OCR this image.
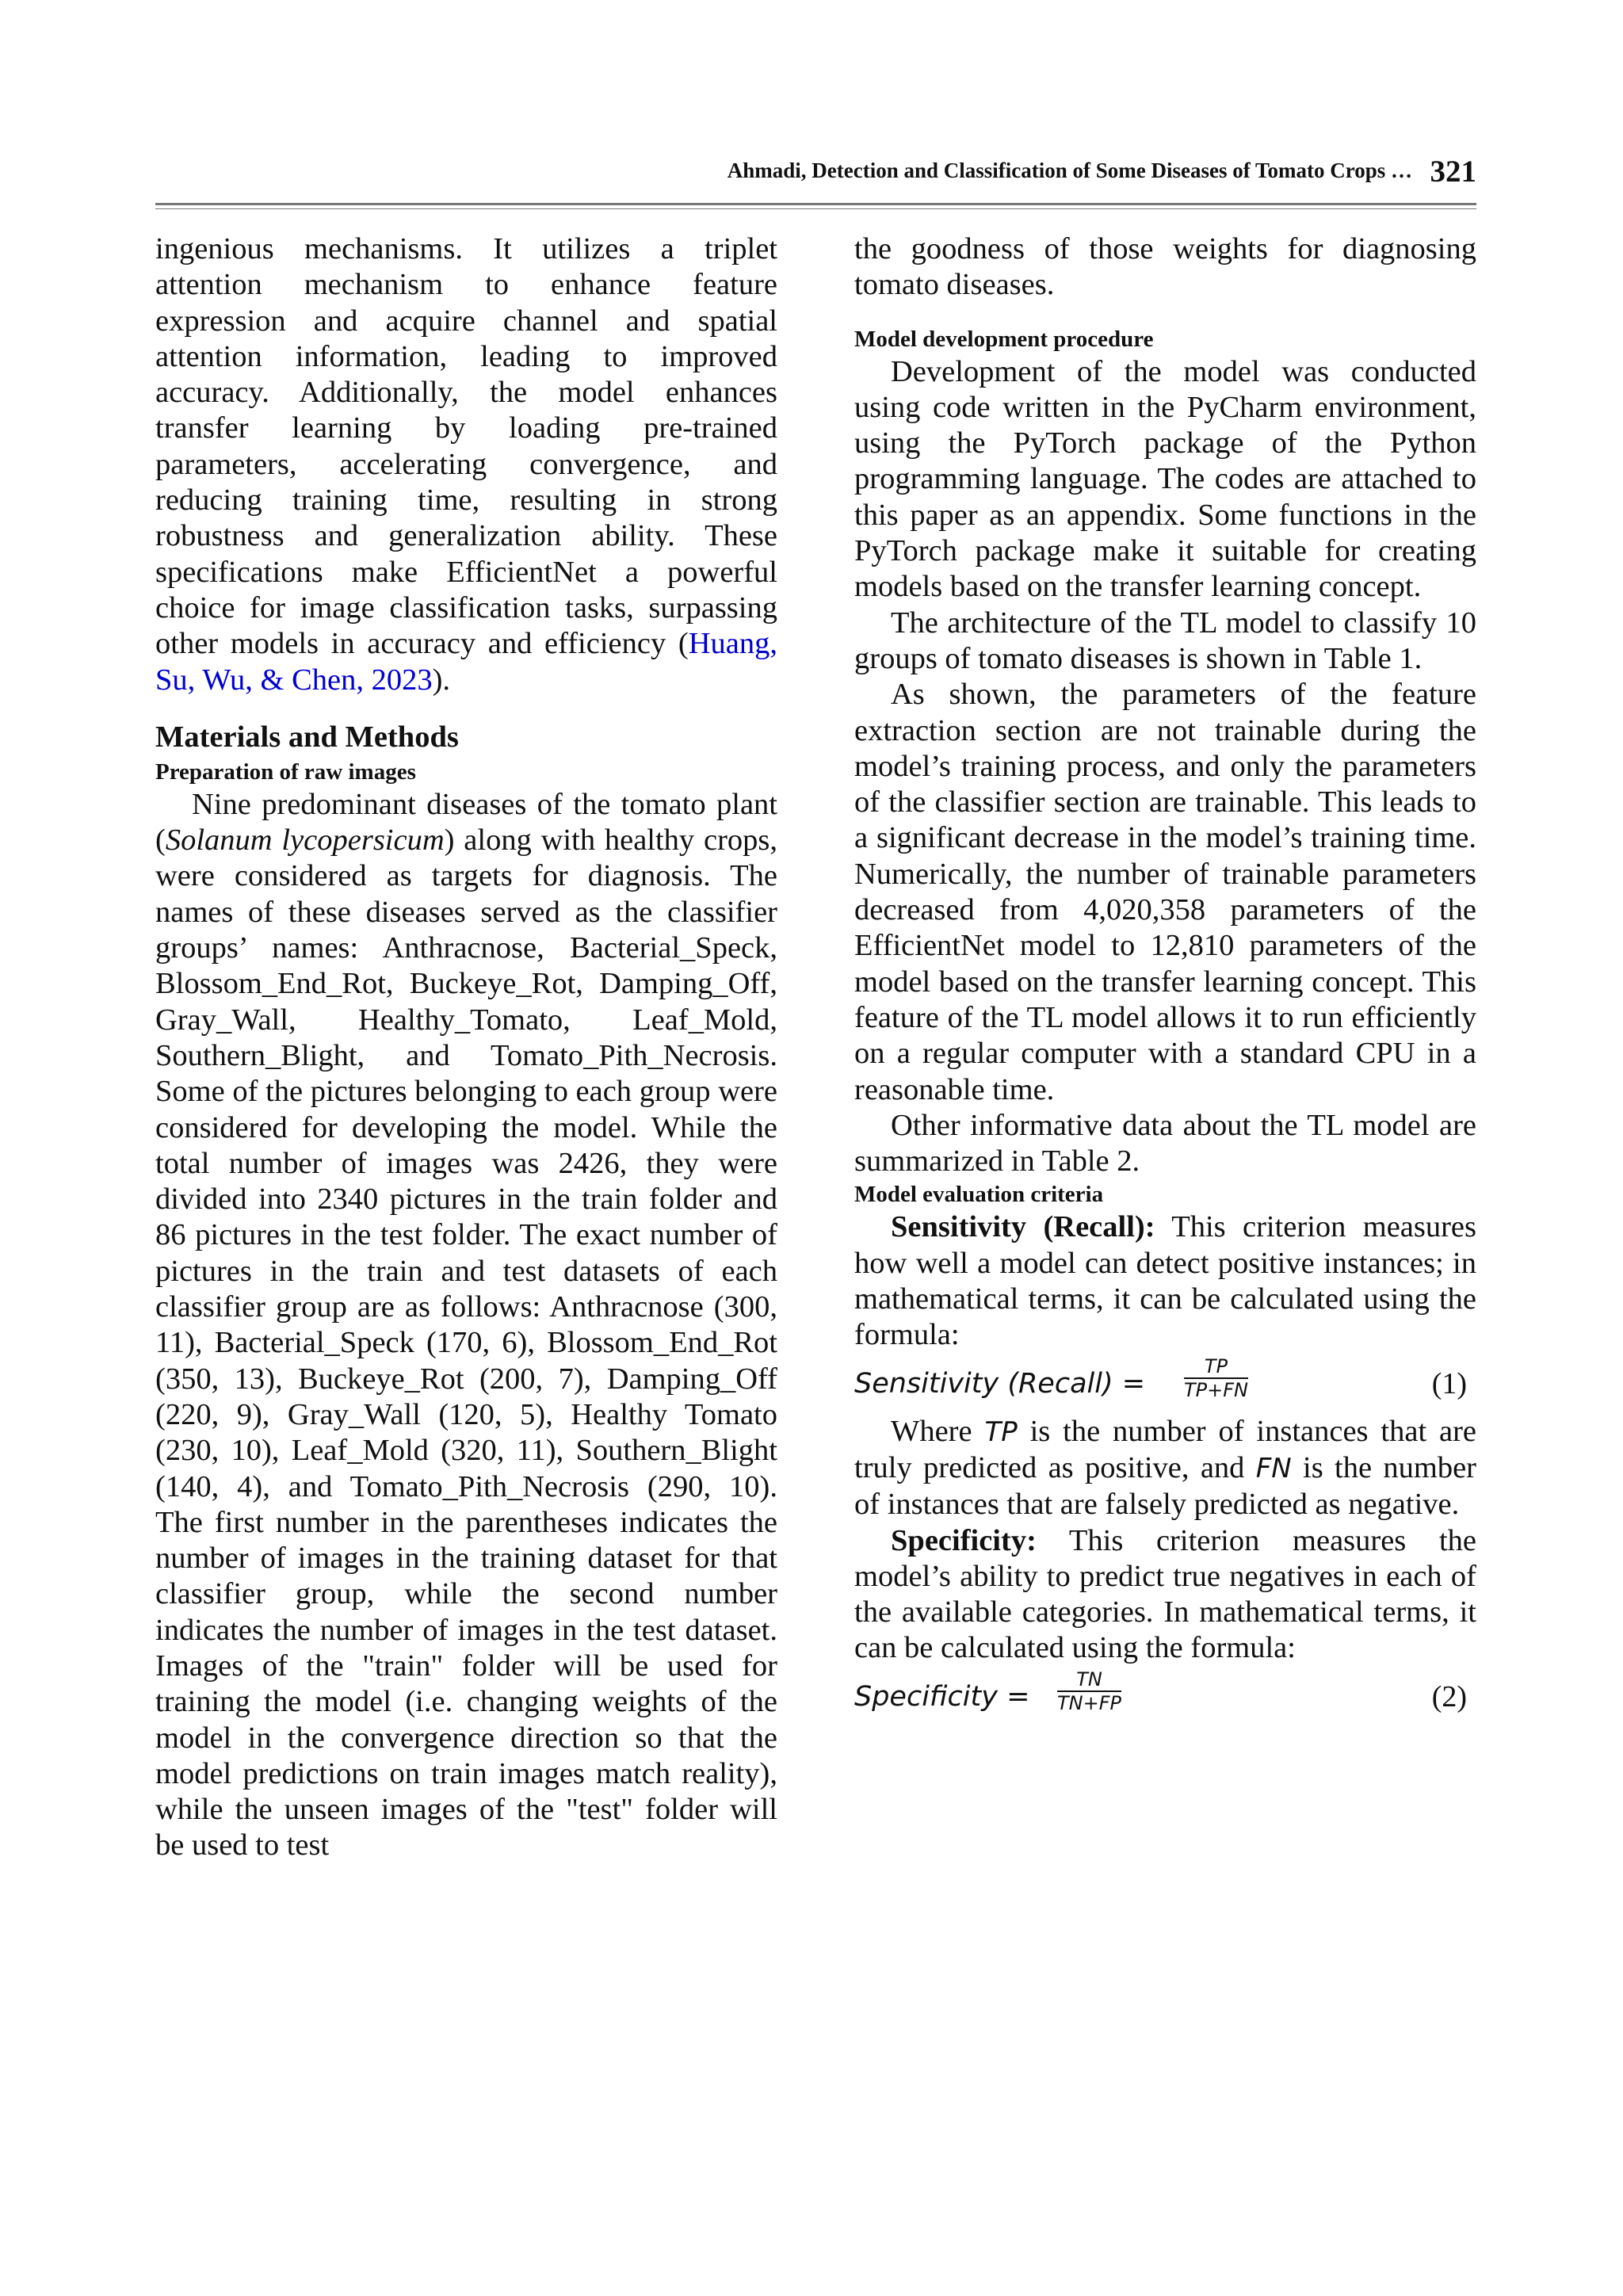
Ahmadi, Detection and Classification of Some Diseases of Tomato Crops … 321

ingenious mechanisms. It utilizes a triplet attention mechanism to enhance feature expression and acquire channel and spatial attention information, leading to improved accuracy. Additionally, the model enhances transfer learning by loading pre-trained parameters, accelerating convergence, and reducing training time, resulting in strong robustness and generalization ability. These specifications make EfficientNet a powerful choice for image classification tasks, surpassing other models in accuracy and efficiency (Huang, Su, Wu, & Chen, 2023).

Materials and Methods
Preparation of raw images

Nine predominant diseases of the tomato plant (Solanum lycopersicum) along with healthy crops, were considered as targets for diagnosis. The names of these diseases served as the classifier groups’ names: Anthracnose, Bacterial_Speck, Blossom_End_Rot, Buckeye_Rot, Damping_Off, Gray_Wall, Healthy_Tomato, Leaf_Mold, Southern_Blight, and Tomato_Pith_Necrosis. Some of the pictures belonging to each group were considered for developing the model. While the total number of images was 2426, they were divided into 2340 pictures in the train folder and 86 pictures in the test folder. The exact number of pictures in the train and test datasets of each classifier group are as follows: Anthracnose (300, 11), Bacterial_Speck (170, 6), Blossom_End_Rot (350, 13), Buckeye_Rot (200, 7), Damping_Off (220, 9), Gray_Wall (120, 5), Healthy Tomato (230, 10), Leaf_Mold (320, 11), Southern_Blight (140, 4), and Tomato_Pith_Necrosis (290, 10). The first number in the parentheses indicates the number of images in the training dataset for that classifier group, while the second number indicates the number of images in the test dataset. Images of the "train" folder will be used for training the model (i.e. changing weights of the model in the convergence direction so that the model predictions on train images match reality), while the unseen images of the "test" folder will be used to test

the goodness of those weights for diagnosing tomato diseases.

Model development procedure

Development of the model was conducted using code written in the PyCharm environment, using the PyTorch package of the Python programming language. The codes are attached to this paper as an appendix. Some functions in the PyTorch package make it suitable for creating models based on the transfer learning concept.

The architecture of the TL model to classify 10 groups of tomato diseases is shown in Table 1.

As shown, the parameters of the feature extraction section are not trainable during the model’s training process, and only the parameters of the classifier section are trainable. This leads to a significant decrease in the model’s training time. Numerically, the number of trainable parameters decreased from 4,020,358 parameters of the EfficientNet model to 12,810 parameters of the model based on the transfer learning concept. This feature of the TL model allows it to run efficiently on a regular computer with a standard CPU in a reasonable time.

Other informative data about the TL model are summarized in Table 2.

Model evaluation criteria

Sensitivity (Recall): This criterion measures how well a model can detect positive instances; in mathematical terms, it can be calculated using the formula:

Sensitivity (Recall) =
TP
TP+FN	(1)

Where TP is the number of instances that are truly predicted as positive, and FN is the number of instances that are falsely predicted as negative.

Specificity: This criterion measures the model’s ability to predict true negatives in each of the available categories. In mathematical terms, it can be calculated using the formula:

Specificity =
TN
TN+FP	(2)
